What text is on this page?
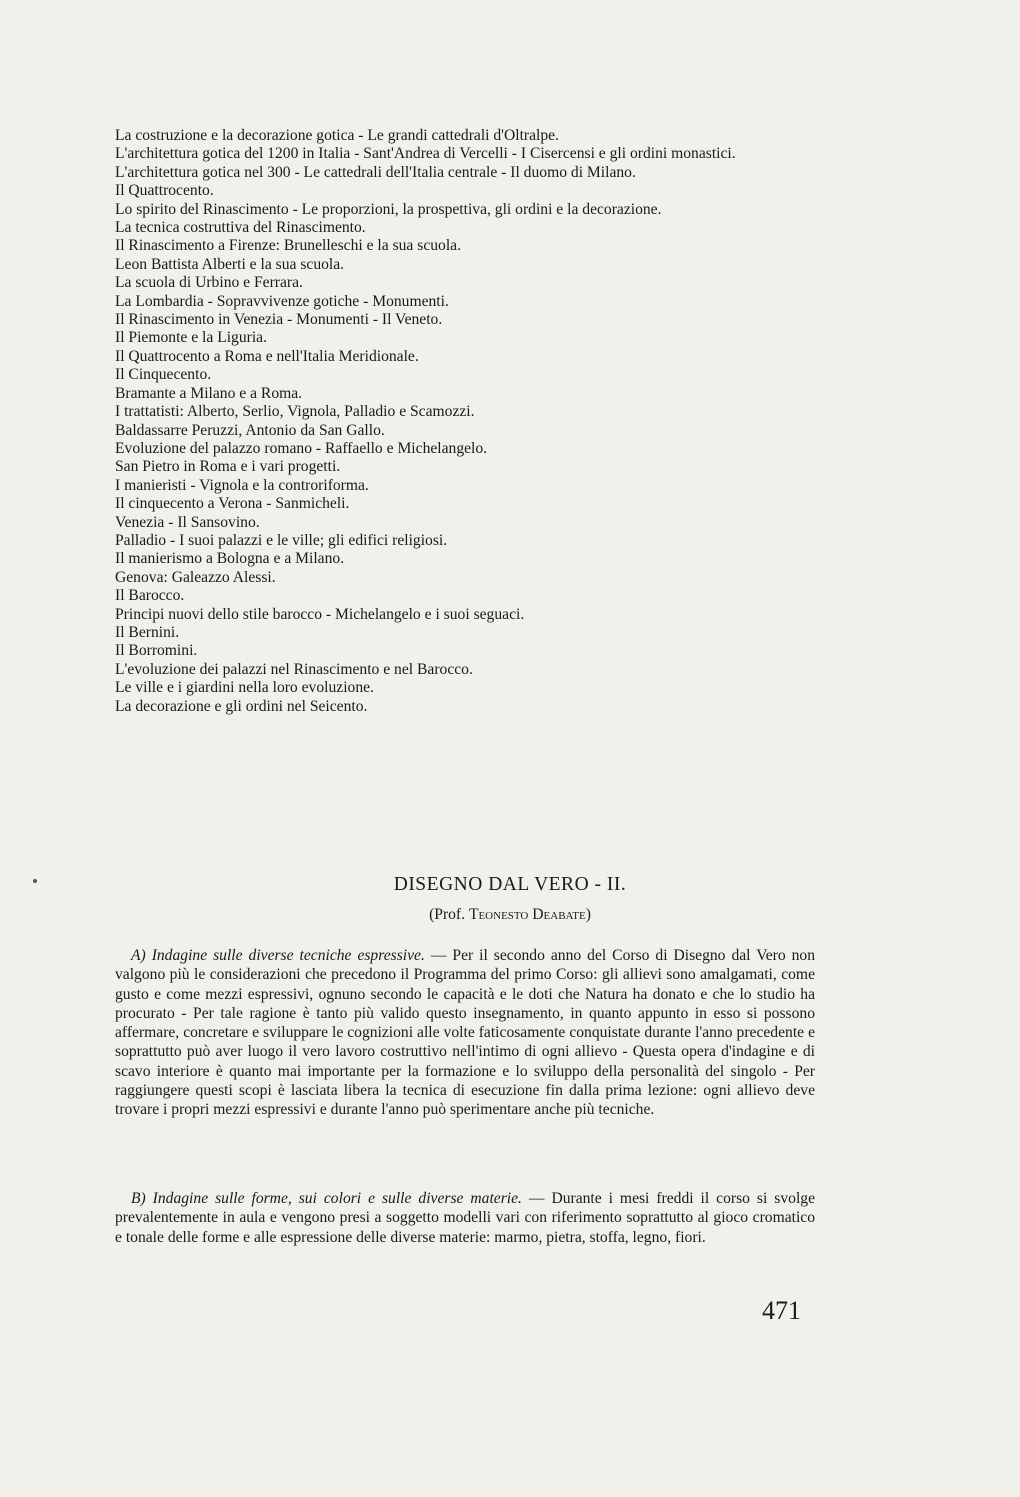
La costruzione e la decorazione gotica - Le grandi cattedrali d'Oltralpe.
L'architettura gotica del 1200 in Italia - Sant'Andrea di Vercelli - I Cisercensi e gli ordini monastici.
L'architettura gotica nel 300 - Le cattedrali dell'Italia centrale - Il duomo di Milano.
Il Quattrocento.
Lo spirito del Rinascimento - Le proporzioni, la prospettiva, gli ordini e la decorazione.
La tecnica costruttiva del Rinascimento.
Il Rinascimento a Firenze: Brunelleschi e la sua scuola.
Leon Battista Alberti e la sua scuola.
La scuola di Urbino e Ferrara.
La Lombardia - Sopravvivenze gotiche - Monumenti.
Il Rinascimento in Venezia - Monumenti - Il Veneto.
Il Piemonte e la Liguria.
Il Quattrocento a Roma e nell'Italia Meridionale.
Il Cinquecento.
Bramante a Milano e a Roma.
I trattatisti: Alberto, Serlio, Vignola, Palladio e Scamozzi.
Baldassarre Peruzzi, Antonio da San Gallo.
Evoluzione del palazzo romano - Raffaello e Michelangelo.
San Pietro in Roma e i vari progetti.
I manieristi - Vignola e la controriforma.
Il cinquecento a Verona - Sanmicheli.
Venezia - Il Sansovino.
Palladio - I suoi palazzi e le ville; gli edifici religiosi.
Il manierismo a Bologna e a Milano.
Genova: Galeazzo Alessi.
Il Barocco.
Principi nuovi dello stile barocco - Michelangelo e i suoi seguaci.
Il Bernini.
Il Borromini.
L'evoluzione dei palazzi nel Rinascimento e nel Barocco.
Le ville e i giardini nella loro evoluzione.
La decorazione e gli ordini nel Seicento.
DISEGNO DAL VERO - II.

(Prof. Teonesto Deabate)

A) Indagine sulle diverse tecniche espressive. — Per il secondo anno del Corso di Disegno dal Vero non valgono più le considerazioni che precedono il Programma del primo Corso: gli allievi sono amalgamati, come gusto e come mezzi espressivi, ognuno secondo le capacità e le doti che Natura ha donato e che lo studio ha procurato - Per tale ragione è tanto più valido questo insegnamento, in quanto appunto in esso si possono affermare, concretare e sviluppare le cognizioni alle volte faticosamente conquistate durante l'anno precedente e soprattutto può aver luogo il vero lavoro costruttivo nell'intimo di ogni allievo - Questa opera d'indagine e di scavo interiore è quanto mai importante per la formazione e lo sviluppo della personalità del singolo - Per raggiungere questi scopi è lasciata libera la tecnica di esecuzione fin dalla prima lezione: ogni allievo deve trovare i propri mezzi espressivi e durante l'anno può sperimentare anche più tecniche.

B) Indagine sulle forme, sui colori e sulle diverse materie. — Durante i mesi freddi il corso si svolge prevalentemente in aula e vengono presi a soggetto modelli vari con riferimento soprattutto al gioco cromatico e tonale delle forme e alle espressione delle diverse materie: marmo, pietra, stoffa, legno, fiori.

471
